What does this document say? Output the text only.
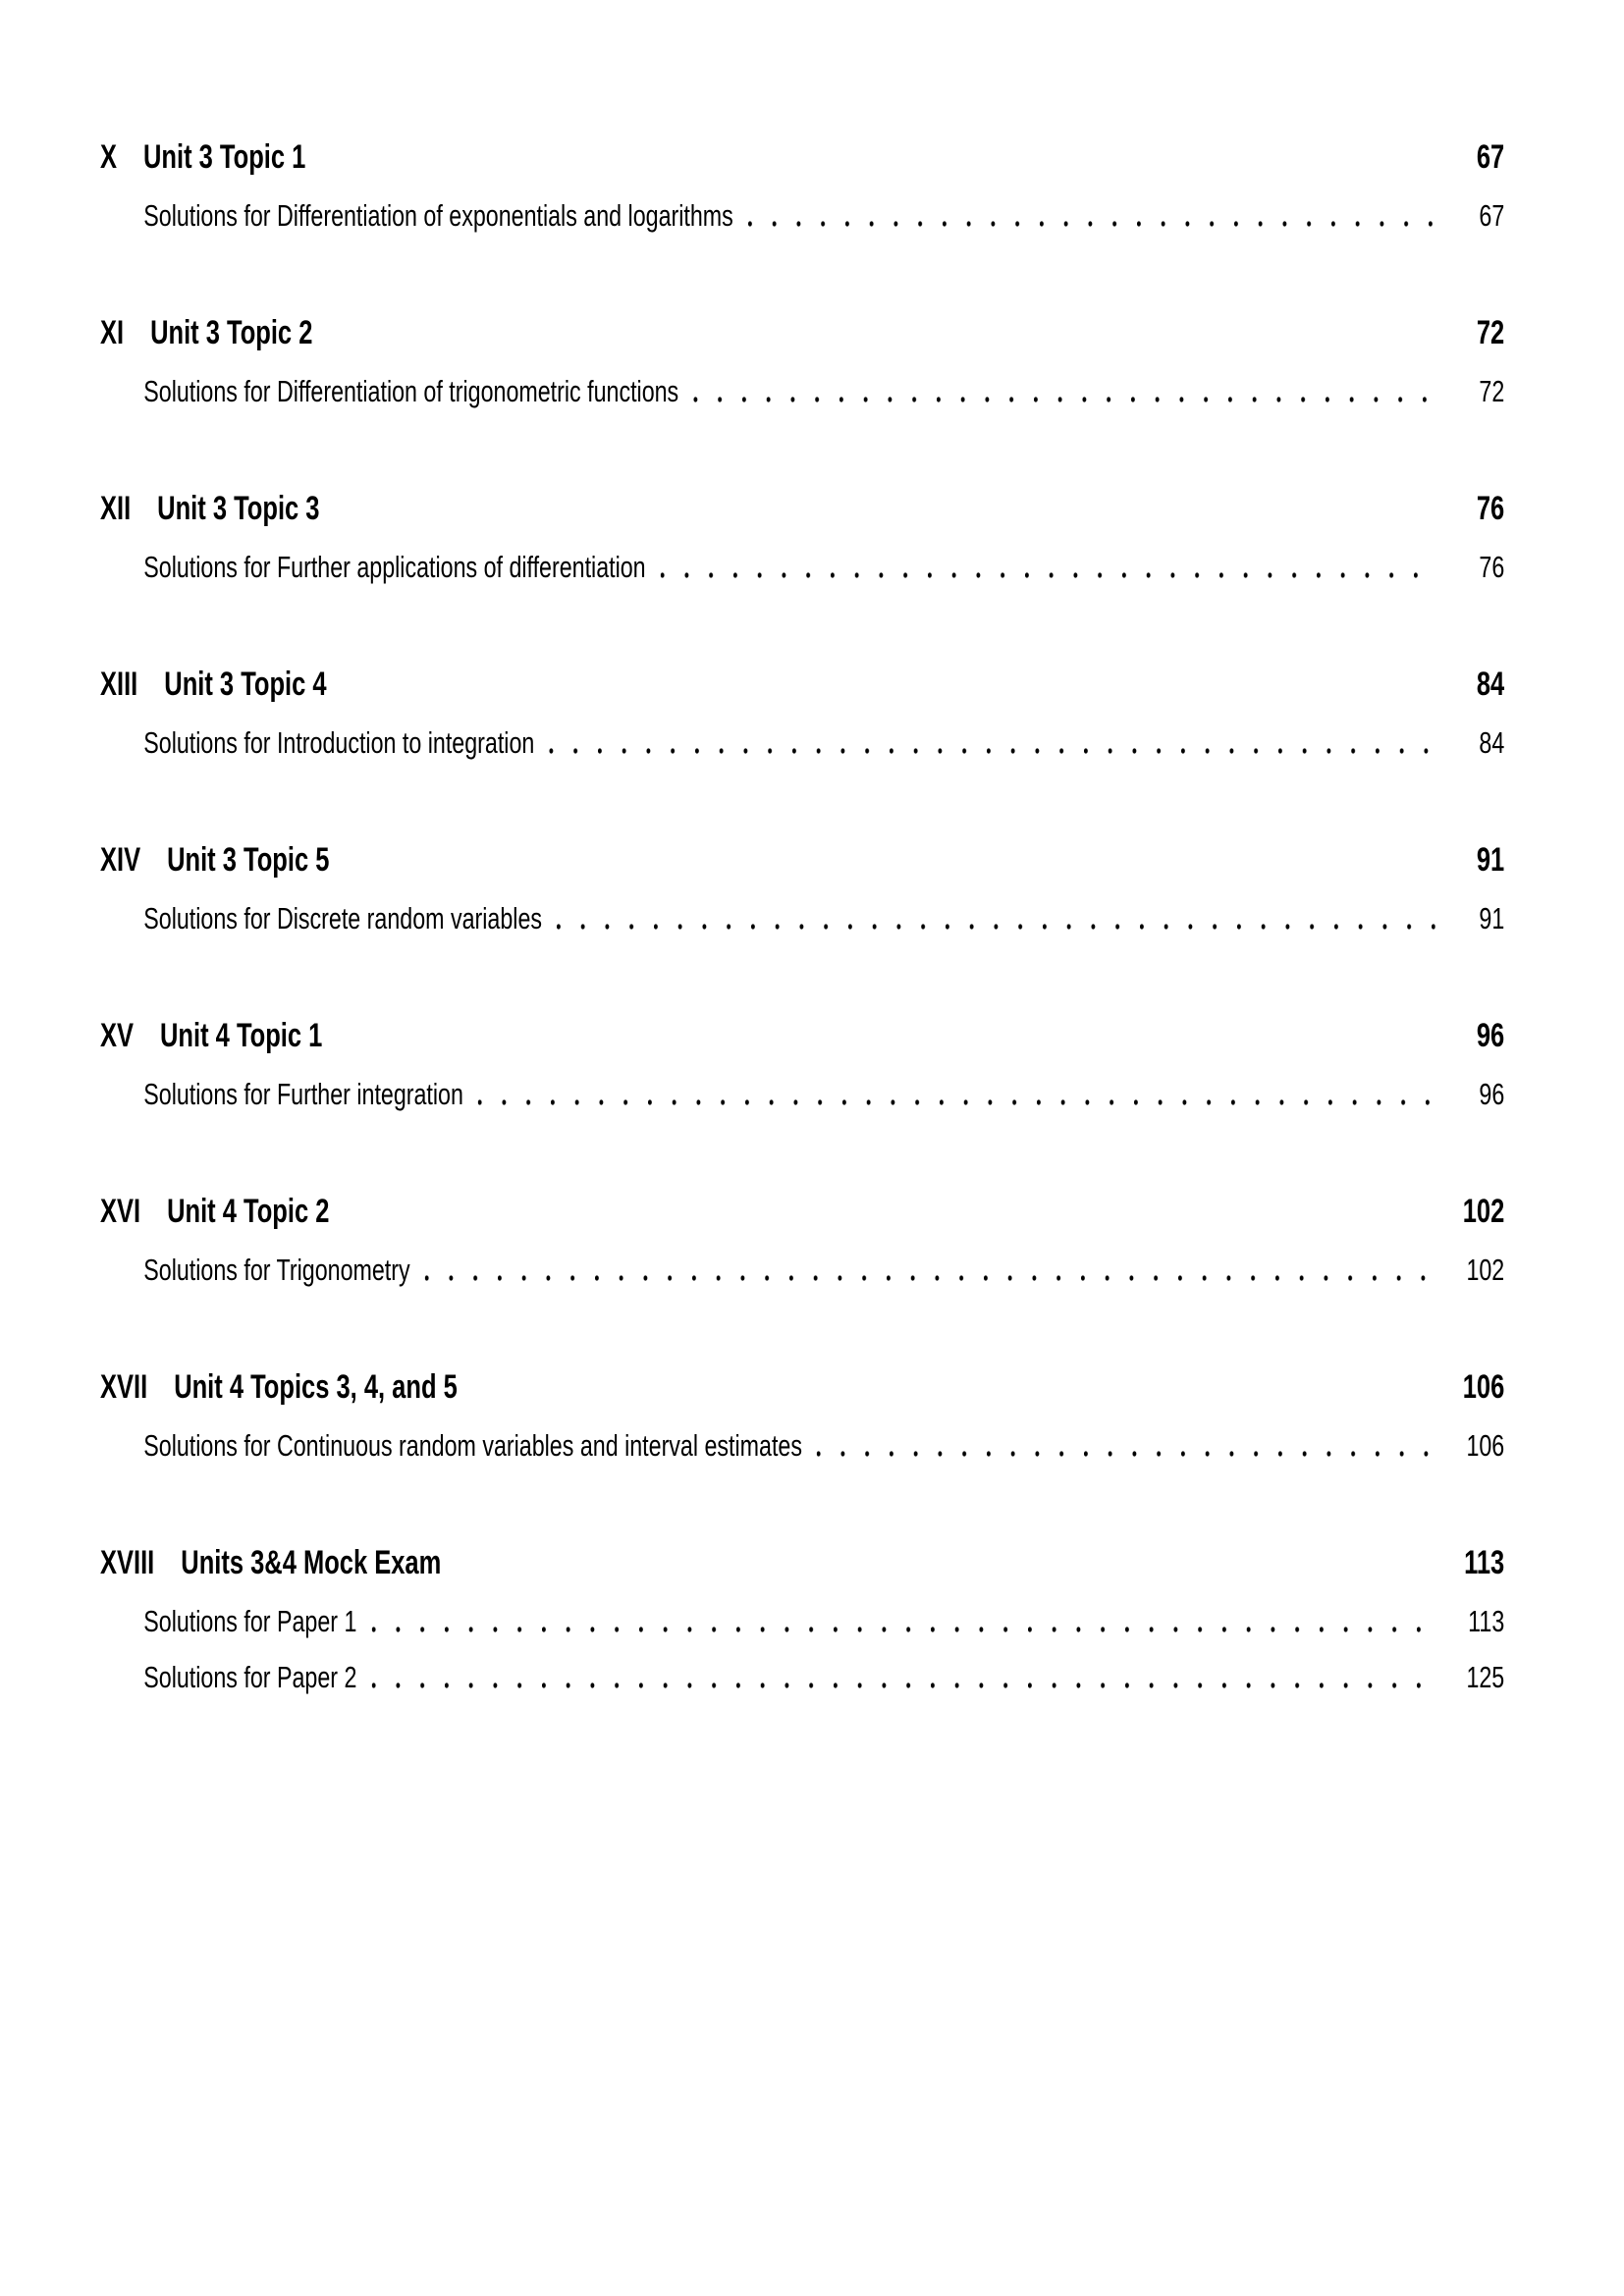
X Unit 3 Topic 1	67
Solutions for Differentiation of exponentials and logarithms	67
XI Unit 3 Topic 2	72
Solutions for Differentiation of trigonometric functions	72
XII Unit 3 Topic 3	76
Solutions for Further applications of differentiation	76
XIII Unit 3 Topic 4	84
Solutions for Introduction to integration	84
XIV Unit 3 Topic 5	91
Solutions for Discrete random variables	91
XV Unit 4 Topic 1	96
Solutions for Further integration	96
XVI Unit 4 Topic 2	102
Solutions for Trigonometry	102
XVII Unit 4 Topics 3, 4, and 5	106
Solutions for Continuous random variables and interval estimates	106
XVIII Units 3&4 Mock Exam	113
Solutions for Paper 1	113
Solutions for Paper 2	125
